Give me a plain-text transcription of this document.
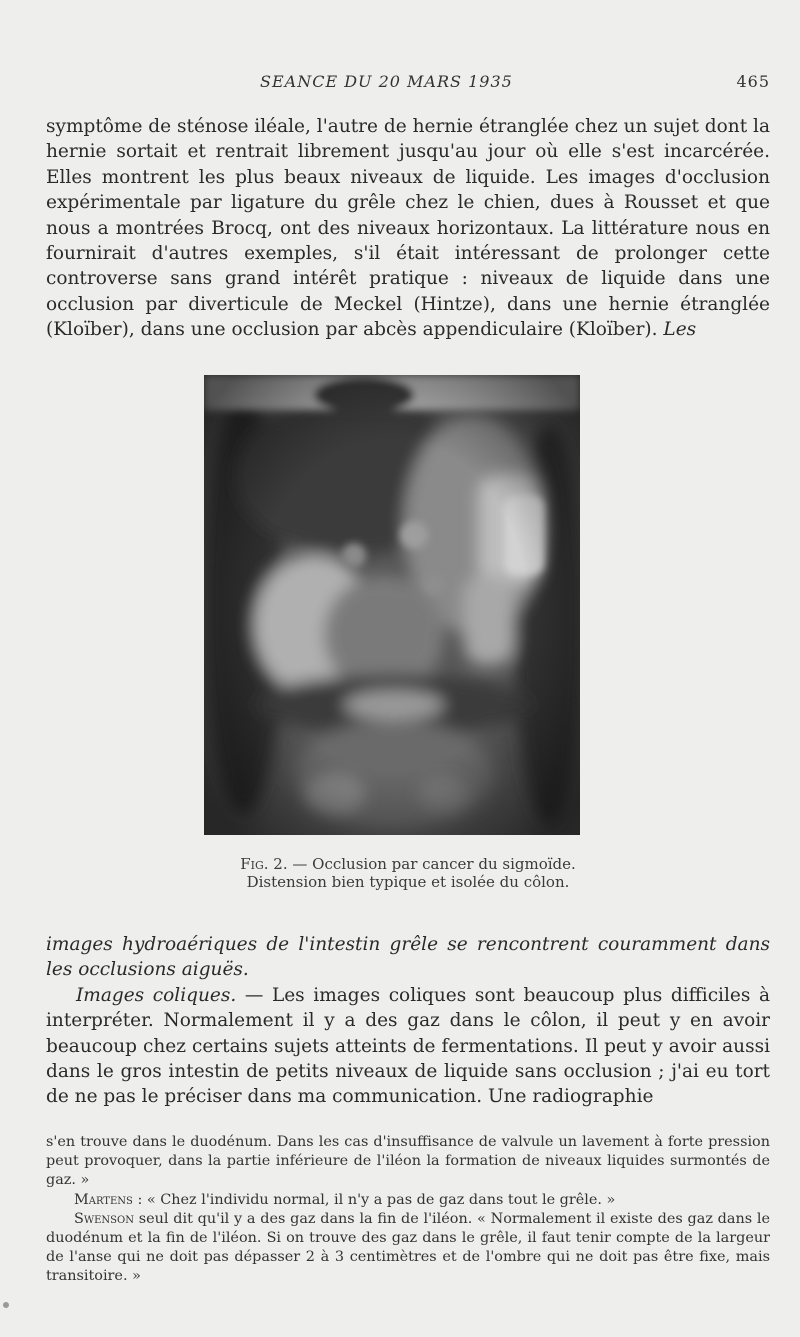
SEANCE DU 20 MARS 1935	465

symptôme de sténose iléale, l'autre de hernie étranglée chez un sujet dont la hernie sortait et rentrait librement jusqu'au jour où elle s'est incarcérée. Elles montrent les plus beaux niveaux de liquide. Les images d'occlusion expérimentale par ligature du grêle chez le chien, dues à Rousset et que nous a montrées Brocq, ont des niveaux horizontaux. La littérature nous en fournirait d'autres exemples, s'il était intéressant de prolonger cette controverse sans grand intérêt pratique : niveaux de liquide dans une occlusion par diverticule de Meckel (Hintze), dans une hernie étranglée (Kloïber), dans une occlusion par abcès appendiculaire (Kloïber). Les

Fig. 2. — Occlusion par cancer du sigmoïde.
Distension bien typique et isolée du côlon.

images hydroaériques de l'intestin grêle se rencontrent couramment dans les occlusions aiguës.
Images coliques. — Les images coliques sont beaucoup plus difficiles à interpréter. Normalement il y a des gaz dans le côlon, il peut y en avoir beaucoup chez certains sujets atteints de fermentations. Il peut y avoir aussi dans le gros intestin de petits niveaux de liquide sans occlusion ; j'ai eu tort de ne pas le préciser dans ma communication. Une radiographie

s'en trouve dans le duodénum. Dans les cas d'insuffisance de valvule un lavement à forte pression peut provoquer, dans la partie inférieure de l'iléon la formation de niveaux liquides surmontés de gaz. »

Martens : « Chez l'individu normal, il n'y a pas de gaz dans tout le grêle. »

Swenson seul dit qu'il y a des gaz dans la fin de l'iléon. « Normalement il existe des gaz dans le duodénum et la fin de l'iléon. Si on trouve des gaz dans le grêle, il faut tenir compte de la largeur de l'anse qui ne doit pas dépasser 2 à 3 centimètres et de l'ombre qui ne doit pas être fixe, mais transitoire. »
